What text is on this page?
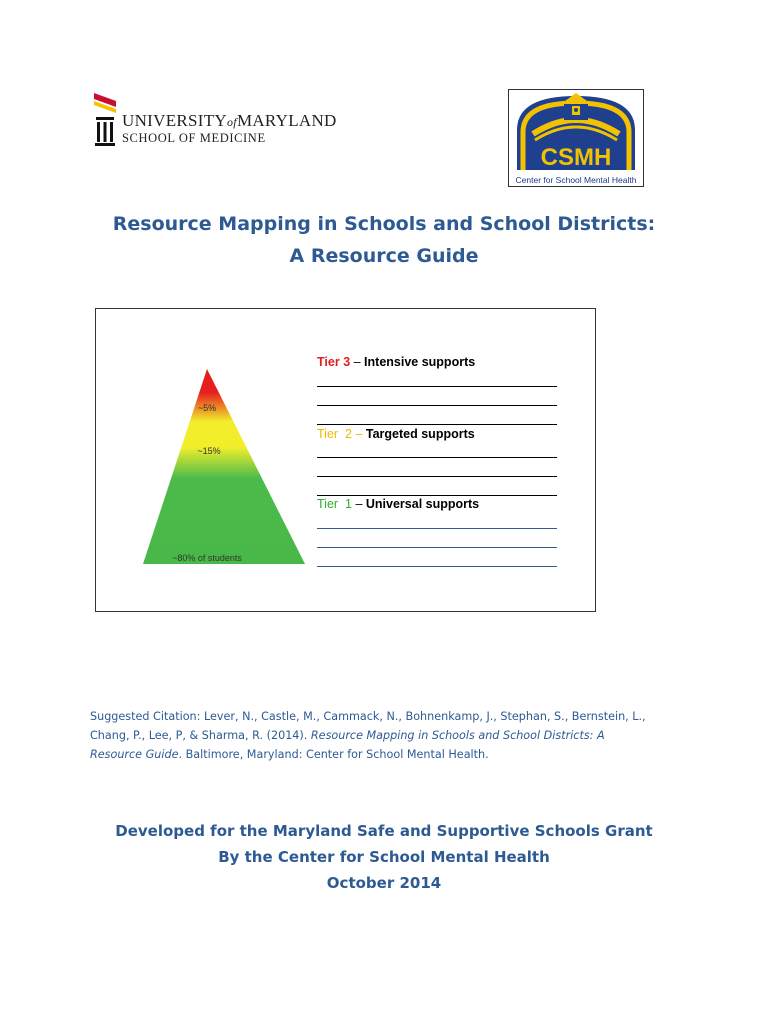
UNIVERSITYofMARYLAND
SCHOOL OF MEDICINE
CSMH
Center for School Mental Health
Resource Mapping in Schools and School Districts:
A Resource Guide
~5%
~15%
~80% of students
Tier 3 – Intensive supports
Tier 2 – Targeted supports
Tier 1 – Universal supports
Suggested Citation: Lever, N., Castle, M., Cammack, N., Bohnenkamp, J., Stephan, S., Bernstein, L., Chang, P., Lee, P, & Sharma, R. (2014). Resource Mapping in Schools and School Districts: A Resource Guide. Baltimore, Maryland: Center for School Mental Health.
Developed for the Maryland Safe and Supportive Schools Grant
By the Center for School Mental Health
October 2014
